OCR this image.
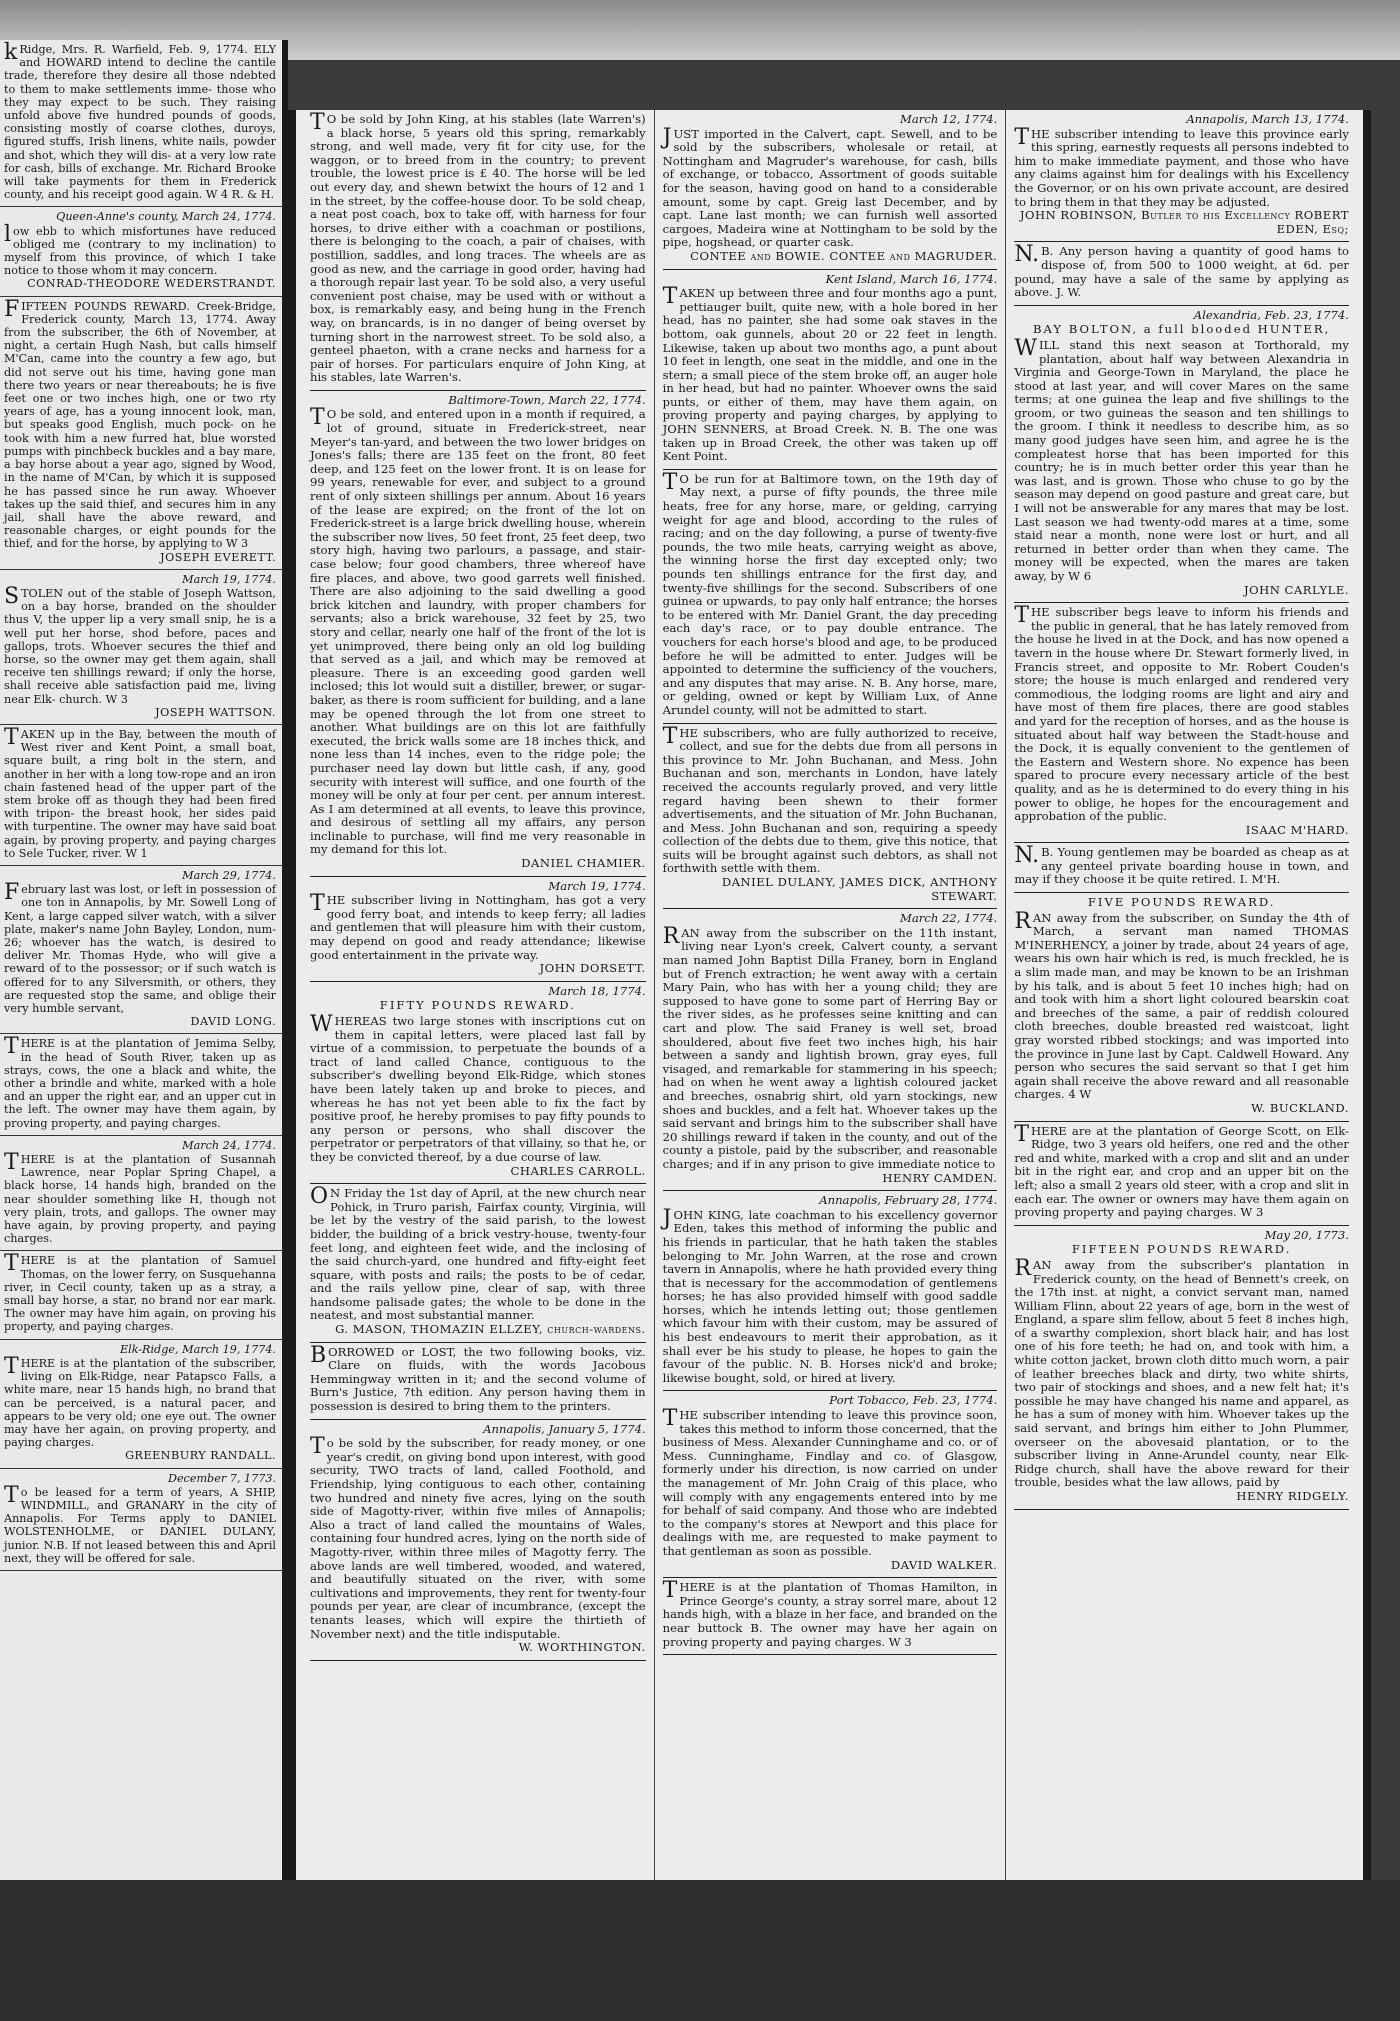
kRidge, Mrs. R. Warfield, Feb. 9, 1774. ELY and HOWARD intend to decline the cantile trade, therefore they desire all those ndebted to them to make settlements imme- those who they may expect to be such. They raising unfold above five hundred pounds of goods, consisting mostly of coarse clothes, duroys, figured stuffs, Irish linens, white nails, powder and shot, which they will dis- at a very low rate for cash, bills of exchange. Mr. Richard Brooke will take payments for them in Frederick county, and his receipt good again. W 4 R. & H.

Queen-Anne's county, March 24, 1774.

low ebb to which misfortunes have reduced obliged me (contrary to my inclination) to myself from this province, of which I take notice to those whom it may concern.

CONRAD-THEODORE WEDERSTRANDT.

FIFTEEN POUNDS REWARD. Creek-Bridge, Frederick county, March 13, 1774. Away from the subscriber, the 6th of November, at night, a certain Hugh Nash, but calls himself M'Can, came into the country a few ago, but did not serve out his time, having gone man there two years or near thereabouts; he is five feet one or two inches high, one or two rty years of age, has a young innocent look, man, but speaks good English, much pock- on he took with him a new furred hat, blue worsted pumps with pinchbeck buckles and a bay mare, a bay horse about a year ago, signed by Wood, in the name of M'Can, by which it is supposed he has passed since he run away. Whoever takes up the said thief, and secures him in any jail, shall have the above reward, and reasonable charges, or eight pounds for the thief, and for the horse, by applying to W 3

JOSEPH EVERETT.
March 19, 1774.

STOLEN out of the stable of Joseph Wattson, on a bay horse, branded on the shoulder thus V, the upper lip a very small snip, he is a well put her horse, shod before, paces and gallops, trots. Whoever secures the thief and horse, so the owner may get them again, shall receive ten shillings reward; if only the horse, shall receive able satisfaction paid me, living near Elk- church. W 3

JOSEPH WATTSON.

TAKEN up in the Bay, between the mouth of West river and Kent Point, a small boat, square built, a ring bolt in the stern, and another in her with a long tow-rope and an iron chain fastened head of the upper part of the stem broke off as though they had been fired with tripon- the breast hook, her sides paid with turpentine. The owner may have said boat again, by proving property, and paying charges to Sele Tucker, river. W 1

March 29, 1774.

February last was lost, or left in possession of one ton in Annapolis, by Mr. Sowell Long of Kent, a large capped silver watch, with a silver plate, maker's name John Bayley, London, num- 26; whoever has the watch, is desired to deliver Mr. Thomas Hyde, who will give a reward of to the possessor; or if such watch is offered for to any Silversmith, or others, they are requested stop the same, and oblige their very humble servant,

DAVID LONG.

THERE is at the plantation of Jemima Selby, in the head of South River, taken up as strays, cows, the one a black and white, the other a brindle and white, marked with a hole and an upper the right ear, and an upper cut in the left. The owner may have them again, by proving property, and paying charges.

March 24, 1774.

THERE is at the plantation of Susannah Lawrence, near Poplar Spring Chapel, a black horse, 14 hands high, branded on the near shoulder something like H, though not very plain, trots, and gallops. The owner may have again, by proving property, and paying charges.

THERE is at the plantation of Samuel Thomas, on the lower ferry, on Susquehanna river, in Cecil county, taken up as a stray, a small bay horse, a star, no brand nor ear mark. The owner may have him again, on proving his property, and paying charges.

Elk-Ridge, March 19, 1774.

THERE is at the plantation of the subscriber, living on Elk-Ridge, near Patapsco Falls, a white mare, near 15 hands high, no brand that can be perceived, is a natural pacer, and appears to be very old; one eye out. The owner may have her again, on proving property, and paying charges.

GREENBURY RANDALL.
December 7, 1773.

To be leased for a term of years, A SHIP, WINDMILL, and GRANARY in the city of Annapolis. For Terms apply to DANIEL WOLSTENHOLME, or DANIEL DULANY, junior. N.B. If not leased between this and April next, they will be offered for sale.

TO be sold by John King, at his stables (late Warren's) a black horse, 5 years old this spring, remarkably strong, and well made, very fit for city use, for the waggon, or to breed from in the country; to prevent trouble, the lowest price is £ 40. The horse will be led out every day, and shewn betwixt the hours of 12 and 1 in the street, by the coffee-house door. To be sold cheap, a neat post coach, box to take off, with harness for four horses, to drive either with a coachman or postilions, there is belonging to the coach, a pair of chaises, with postillion, saddles, and long traces. The wheels are as good as new, and the carriage in good order, having had a thorough repair last year. To be sold also, a very useful convenient post chaise, may be used with or without a box, is remarkably easy, and being hung in the French way, on brancards, is in no danger of being overset by turning short in the narrowest street. To be sold also, a genteel phaeton, with a crane necks and harness for a pair of horses. For particulars enquire of John King, at his stables, late Warren's.

Baltimore-Town, March 22, 1774.

TO be sold, and entered upon in a month if required, a lot of ground, situate in Frederick-street, near Meyer's tan-yard, and between the two lower bridges on Jones's falls; there are 135 feet on the front, 80 feet deep, and 125 feet on the lower front. It is on lease for 99 years, renewable for ever, and subject to a ground rent of only sixteen shillings per annum. About 16 years of the lease are expired; on the front of the lot on Frederick-street is a large brick dwelling house, wherein the subscriber now lives, 50 feet front, 25 feet deep, two story high, having two parlours, a passage, and stair-case below; four good chambers, three whereof have fire places, and above, two good garrets well finished. There are also adjoining to the said dwelling a good brick kitchen and laundry, with proper chambers for servants; also a brick warehouse, 32 feet by 25, two story and cellar, nearly one half of the front of the lot is yet unimproved, there being only an old log building that served as a jail, and which may be removed at pleasure. There is an exceeding good garden well inclosed; this lot would suit a distiller, brewer, or sugar-baker, as there is room sufficient for building, and a lane may be opened through the lot from one street to another. What buildings are on this lot are faithfully executed, the brick walls some are 18 inches thick, and none less than 14 inches, even to the ridge pole; the purchaser need lay down but little cash, if any, good security with interest will suffice, and one fourth of the money will be only at four per cent. per annum interest. As I am determined at all events, to leave this province, and desirous of settling all my affairs, any person inclinable to purchase, will find me very reasonable in my demand for this lot.

DANIEL CHAMIER.
March 19, 1774.

THE subscriber living in Nottingham, has got a very good ferry boat, and intends to keep ferry; all ladies and gentlemen that will pleasure him with their custom, may depend on good and ready attendance; likewise good entertainment in the private way.

JOHN DORSETT.
March 18, 1774.
FIFTY POUNDS REWARD.

WHEREAS two large stones with inscriptions cut on them in capital letters, were placed last fall by virtue of a commission, to perpetuate the bounds of a tract of land called Chance, contiguous to the subscriber's dwelling beyond Elk-Ridge, which stones have been lately taken up and broke to pieces, and whereas he has not yet been able to fix the fact by positive proof, he hereby promises to pay fifty pounds to any person or persons, who shall discover the perpetrator or perpetrators of that villainy, so that he, or they be convicted thereof, by a due course of law.

CHARLES CARROLL.

ON Friday the 1st day of April, at the new church near Pohick, in Truro parish, Fairfax county, Virginia, will be let by the vestry of the said parish, to the lowest bidder, the building of a brick vestry-house, twenty-four feet long, and eighteen feet wide, and the inclosing of the said church-yard, one hundred and fifty-eight feet square, with posts and rails; the posts to be of cedar, and the rails yellow pine, clear of sap, with three handsome palisade gates; the whole to be done in the neatest, and most substantial manner.

G. MASON, THOMAZIN ELLZEY, church-wardens.

BORROWED or LOST, the two following books, viz. Clare on fluids, with the words Jacobous Hemmingway written in it; and the second volume of Burn's Justice, 7th edition. Any person having them in possession is desired to bring them to the printers.

Annapolis, January 5, 1774.

To be sold by the subscriber, for ready money, or one year's credit, on giving bond upon interest, with good security, TWO tracts of land, called Foothold, and Friendship, lying contiguous to each other, containing two hundred and ninety five acres, lying on the south side of Magotty-river, within five miles of Annapolis; Also a tract of land called the mountains of Wales, containing four hundred acres, lying on the north side of Magotty-river, within three miles of Magotty ferry. The above lands are well timbered, wooded, and watered, and beautifully situated on the river, with some cultivations and improvements, they rent for twenty-four pounds per year, are clear of incumbrance, (except the tenants leases, which will expire the thirtieth of November next) and the title indisputable.

W. WORTHINGTON.
March 12, 1774.

JUST imported in the Calvert, capt. Sewell, and to be sold by the subscribers, wholesale or retail, at Nottingham and Magruder's warehouse, for cash, bills of exchange, or tobacco, Assortment of goods suitable for the season, having good on hand to a considerable amount, some by capt. Greig last December, and by capt. Lane last month; we can furnish well assorted cargoes, Madeira wine at Nottingham to be sold by the pipe, hogshead, or quarter cask.

CONTEE and BOWIE. CONTEE and MAGRUDER.
Kent Island, March 16, 1774.

TAKEN up between three and four months ago a punt, pettiauger built, quite new, with a hole bored in her head, has no painter, she had some oak staves in the bottom, oak gunnels, about 20 or 22 feet in length. Likewise, taken up about two months ago, a punt about 10 feet in length, one seat in the middle, and one in the stern; a small piece of the stem broke off, an auger hole in her head, but had no painter. Whoever owns the said punts, or either of them, may have them again, on proving property and paying charges, by applying to JOHN SENNERS, at Broad Creek. N. B. The one was taken up in Broad Creek, the other was taken up off Kent Point.

TO be run for at Baltimore town, on the 19th day of May next, a purse of fifty pounds, the three mile heats, free for any horse, mare, or gelding, carrying weight for age and blood, according to the rules of racing; and on the day following, a purse of twenty-five pounds, the two mile heats, carrying weight as above, the winning horse the first day excepted only; two pounds ten shillings entrance for the first day, and twenty-five shillings for the second. Subscribers of one guinea or upwards, to pay only half entrance; the horses to be entered with Mr. Daniel Grant, the day preceding each day's race, or to pay double entrance. The vouchers for each horse's blood and age, to be produced before he will be admitted to enter. Judges will be appointed to determine the sufficiency of the vouchers, and any disputes that may arise. N. B. Any horse, mare, or gelding, owned or kept by William Lux, of Anne Arundel county, will not be admitted to start.

THE subscribers, who are fully authorized to receive, collect, and sue for the debts due from all persons in this province to Mr. John Buchanan, and Mess. John Buchanan and son, merchants in London, have lately received the accounts regularly proved, and very little regard having been shewn to their former advertisements, and the situation of Mr. John Buchanan, and Mess. John Buchanan and son, requiring a speedy collection of the debts due to them, give this notice, that suits will be brought against such debtors, as shall not forthwith settle with them.

DANIEL DULANY, JAMES DICK, ANTHONY STEWART.
March 22, 1774.

RAN away from the subscriber on the 11th instant, living near Lyon's creek, Calvert county, a servant man named John Baptist Dilla Franey, born in England but of French extraction; he went away with a certain Mary Pain, who has with her a young child; they are supposed to have gone to some part of Herring Bay or the river sides, as he professes seine knitting and can cart and plow. The said Franey is well set, broad shouldered, about five feet two inches high, his hair between a sandy and lightish brown, gray eyes, full visaged, and remarkable for stammering in his speech; had on when he went away a lightish coloured jacket and breeches, osnabrig shirt, old yarn stockings, new shoes and buckles, and a felt hat. Whoever takes up the said servant and brings him to the subscriber shall have 20 shillings reward if taken in the county, and out of the county a pistole, paid by the subscriber, and reasonable charges; and if in any prison to give immediate notice to

HENRY CAMDEN.
Annapolis, February 28, 1774.

JOHN KING, late coachman to his excellency governor Eden, takes this method of informing the public and his friends in particular, that he hath taken the stables belonging to Mr. John Warren, at the rose and crown tavern in Annapolis, where he hath provided every thing that is necessary for the accommodation of gentlemens horses; he has also provided himself with good saddle horses, which he intends letting out; those gentlemen which favour him with their custom, may be assured of his best endeavours to merit their approbation, as it shall ever be his study to please, he hopes to gain the favour of the public. N. B. Horses nick'd and broke; likewise bought, sold, or hired at livery.

Port Tobacco, Feb. 23, 1774.

THE subscriber intending to leave this province soon, takes this method to inform those concerned, that the business of Mess. Alexander Cunninghame and co. or of Mess. Cunninghame, Findlay and co. of Glasgow, formerly under his direction, is now carried on under the management of Mr. John Craig of this place, who will comply with any engagements entered into by me for behalf of said company. And those who are indebted to the company's stores at Newport and this place for dealings with me, are requested to make payment to that gentleman as soon as possible.

DAVID WALKER.

THERE is at the plantation of Thomas Hamilton, in Prince George's county, a stray sorrel mare, about 12 hands high, with a blaze in her face, and branded on the near buttock B. The owner may have her again on proving property and paying charges. W 3

Annapolis, March 13, 1774.

THE subscriber intending to leave this province early this spring, earnestly requests all persons indebted to him to make immediate payment, and those who have any claims against him for dealings with his Excellency the Governor, or on his own private account, are desired to bring them in that they may be adjusted.

JOHN ROBINSON, Butler to his Excellency ROBERT EDEN, Esq;

N.B. Any person having a quantity of good hams to dispose of, from 500 to 1000 weight, at 6d. per pound, may have a sale of the same by applying as above. J. W.

Alexandria, Feb. 23, 1774.
BAY BOLTON, a full blooded HUNTER,

WILL stand this next season at Torthorald, my plantation, about half way between Alexandria in Virginia and George-Town in Maryland, the place he stood at last year, and will cover Mares on the same terms; at one guinea the leap and five shillings to the groom, or two guineas the season and ten shillings to the groom. I think it needless to describe him, as so many good judges have seen him, and agree he is the compleatest horse that has been imported for this country; he is in much better order this year than he was last, and is grown. Those who chuse to go by the season may depend on good pasture and great care, but I will not be answerable for any mares that may be lost. Last season we had twenty-odd mares at a time, some staid near a month, none were lost or hurt, and all returned in better order than when they came. The money will be expected, when the mares are taken away, by W 6

JOHN CARLYLE.

THE subscriber begs leave to inform his friends and the public in general, that he has lately removed from the house he lived in at the Dock, and has now opened a tavern in the house where Dr. Stewart formerly lived, in Francis street, and opposite to Mr. Robert Couden's store; the house is much enlarged and rendered very commodious, the lodging rooms are light and airy and have most of them fire places, there are good stables and yard for the reception of horses, and as the house is situated about half way between the Stadt-house and the Dock, it is equally convenient to the gentlemen of the Eastern and Western shore. No expence has been spared to procure every necessary article of the best quality, and as he is determined to do every thing in his power to oblige, he hopes for the encouragement and approbation of the public.

ISAAC M'HARD.

N.B. Young gentlemen may be boarded as cheap as at any genteel private boarding house in town, and may if they choose it be quite retired. I. M'H.

FIVE POUNDS REWARD.

RAN away from the subscriber, on Sunday the 4th of March, a servant man named THOMAS M'INERHENCY, a joiner by trade, about 24 years of age, wears his own hair which is red, is much freckled, he is a slim made man, and may be known to be an Irishman by his talk, and is about 5 feet 10 inches high; had on and took with him a short light coloured bearskin coat and breeches of the same, a pair of reddish coloured cloth breeches, double breasted red waistcoat, light gray worsted ribbed stockings; and was imported into the province in June last by Capt. Caldwell Howard. Any person who secures the said servant so that I get him again shall receive the above reward and all reasonable charges. 4 W

W. BUCKLAND.

THERE are at the plantation of George Scott, on Elk-Ridge, two 3 years old heifers, one red and the other red and white, marked with a crop and slit and an under bit in the right ear, and crop and an upper bit on the left; also a small 2 years old steer, with a crop and slit in each ear. The owner or owners may have them again on proving property and paying charges. W 3

May 20, 1773.
FIFTEEN POUNDS REWARD.

RAN away from the subscriber's plantation in Frederick county, on the head of Bennett's creek, on the 17th inst. at night, a convict servant man, named William Flinn, about 22 years of age, born in the west of England, a spare slim fellow, about 5 feet 8 inches high, of a swarthy complexion, short black hair, and has lost one of his fore teeth; he had on, and took with him, a white cotton jacket, brown cloth ditto much worn, a pair of leather breeches black and dirty, two white shirts, two pair of stockings and shoes, and a new felt hat; it's possible he may have changed his name and apparel, as he has a sum of money with him. Whoever takes up the said servant, and brings him either to John Plummer, overseer on the abovesaid plantation, or to the subscriber living in Anne-Arundel county, near Elk-Ridge church, shall have the above reward for their trouble, besides what the law allows, paid by

HENRY RIDGELY.
